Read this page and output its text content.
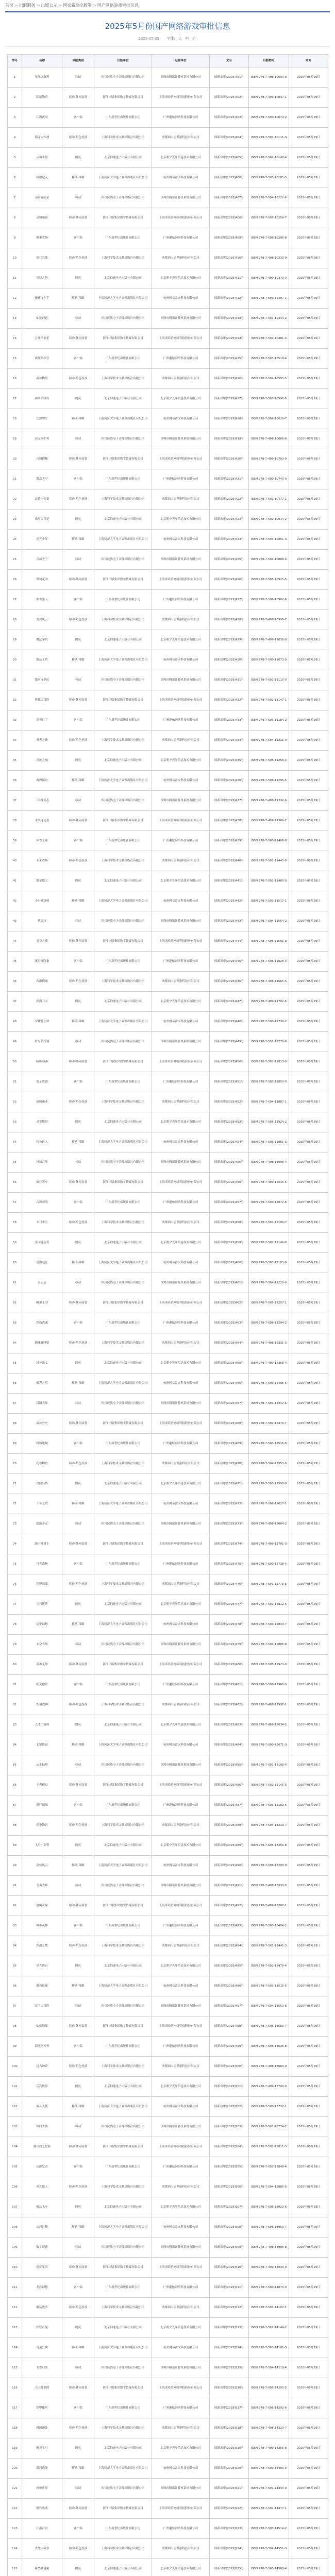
首页 > 出版服务 > 出版公示 > 国家新闻出版署 > 国产网络游戏审批信息
2025年5月份国产网络游戏审批信息
2025-05-29 字体: 大 中 小
序号	名称	申报类别	出版单位	运营单位	文号	出版物号	时间
1	星际远航者	移动	四川民族电子音像出版社有限公司	深圳市腾讯计算机系统有限公司	国新出审[2025]401号	ISBN 978-7-498-10000-0	2025年05月29日
2	幻境物语	移动-休闲益智	浙江出版集团数字传媒有限公司	上海米哈游网络科技股份有限公司	国新出审[2025]402号	ISBN 978-7-499-10037-1	2025年05月29日
3	江湖夜雨	客户端	广东新世纪出版社有限公司	广州趣炫网络科技有限公司	国新出审[2025]403号	ISBN 978-7-500-10074-2	2025年05月29日
4	萌宠大作战	移动-角色扮演	上海科学技术文献出版社有限公司	成都西山居世游科技有限公司	国新出审[2025]404号	ISBN 978-7-501-10111-3	2025年05月29日
5	云端小镇	网页	北京伯通电子出版社有限公司	北京朝夕光年信息技术有限公司	国新出审[2025]405号	ISBN 978-7-502-10148-4	2025年05月29日
6	机甲纪元	移动-策略	上海同济大学电子音像出版社有限公司	杭州网易雷火科技有限公司	国新出审[2025]406号	ISBN 978-7-503-10185-5	2025年05月29日
7	山海异闻录	移动	四川民族电子音像出版社有限公司	深圳市腾讯计算机系统有限公司	国新出审[2025]407号	ISBN 978-7-504-10222-6	2025年05月29日
8	灵境迷踪	移动-休闲益智	浙江出版集团数字传媒有限公司	上海米哈游网络科技股份有限公司	国新出审[2025]408号	ISBN 978-7-505-10259-7	2025年05月29日
9	像素农场	客户端	广东新世纪出版社有限公司	广州趣炫网络科技有限公司	国新出审[2025]409号	ISBN 978-7-506-10296-8	2025年05月29日
10	剑气长歌	移动-角色扮演	上海科学技术文献出版社有限公司	成都西山居世游科技有限公司	国新出审[2025]410号	ISBN 978-7-498-10333-9	2025年05月29日
11	星辰之约	网页	北京伯通电子出版社有限公司	北京朝夕光年信息技术有限公司	国新出审[2025]411号	ISBN 978-7-499-10370-0	2025年05月29日
12	极速飞车手	移动-策略	上海同济大学电子音像出版社有限公司	杭州网易雷火科技有限公司	国新出审[2025]412号	ISBN 978-7-500-10407-1	2025年05月29日
13	仙途问道	移动	四川民族电子音像出版社有限公司	深圳市腾讯计算机系统有限公司	国新出审[2025]413号	ISBN 978-7-501-10444-2	2025年05月29日
14	方块消消乐	移动-休闲益智	浙江出版集团数字传媒有限公司	上海米哈游网络科技股份有限公司	国新出审[2025]414号	ISBN 978-7-502-10481-3	2025年05月29日
15	战舰指挥官	客户端	广东新世纪出版社有限公司	广州趣炫网络科技有限公司	国新出审[2025]415号	ISBN 978-7-503-10518-4	2025年05月29日
16	森林物语	移动-角色扮演	上海科学技术文献出版社有限公司	成都西山居世游科技有限公司	国新出审[2025]416号	ISBN 978-7-504-10555-5	2025年05月29日
17	神州英雄传	网页	北京伯通电子出版社有限公司	北京朝夕光年信息技术有限公司	国新出审[2025]417号	ISBN 978-7-505-10592-6	2025年05月29日
18	幻想餐厅	移动-策略	上海同济大学电子音像出版社有限公司	杭州网易雷火科技有限公司	国新出审[2025]418号	ISBN 978-7-506-10629-7	2025年05月29日
19	次元守护者	移动	四川民族电子音像出版社有限公司	深圳市腾讯计算机系统有限公司	国新出审[2025]419号	ISBN 978-7-498-10666-8	2025年05月29日
20	古城探秘	移动-休闲益智	浙江出版集团数字传媒有限公司	上海米哈游网络科技股份有限公司	国新出审[2025]420号	ISBN 978-7-499-10703-9	2025年05月29日
21	海岛大亨	客户端	广东新世纪出版社有限公司	广州趣炫网络科技有限公司	国新出审[2025]421号	ISBN 978-7-500-10740-0	2025年05月29日
22	龙骑士传说	移动-角色扮演	上海科学技术文献出版社有限公司	成都西山居世游科技有限公司	国新出审[2025]422号	ISBN 978-7-501-10777-1	2025年05月29日
23	喵星人日记	网页	北京伯通电子出版社有限公司	北京朝夕光年信息技术有限公司	国新出审[2025]423号	ISBN 978-7-502-10814-2	2025年05月29日
24	逆光少年	移动-策略	上海同济大学电子音像出版社有限公司	杭州网易雷火科技有限公司	国新出审[2025]424号	ISBN 978-7-503-10851-3	2025年05月29日
25	百战天下	移动	四川民族电子音像出版社有限公司	深圳市腾讯计算机系统有限公司	国新出审[2025]425号	ISBN 978-7-504-10888-4	2025年05月29日
26	梦幻花园	移动-休闲益智	浙江出版集团数字传媒有限公司	上海米哈游网络科技股份有限公司	国新出审[2025]426号	ISBN 978-7-505-10925-5	2025年05月29日
27	都市猎人	客户端	广东新世纪出版社有限公司	广州趣炫网络科技有限公司	国新出审[2025]427号	ISBN 978-7-506-10962-6	2025年05月29日
28	九州风云	移动-角色扮演	上海科学技术文献出版社有限公司	成都西山居世游科技有限公司	国新出审[2025]428号	ISBN 978-7-498-10999-7	2025年05月29日
29	魔法学院	网页	北京伯通电子出版社有限公司	北京朝夕光年信息技术有限公司	国新出审[2025]429号	ISBN 978-7-499-11036-8	2025年05月29日
30	甜品工坊	移动-策略	上海同济大学电子音像出版社有限公司	杭州网易雷火科技有限公司	国新出审[2025]430号	ISBN 978-7-500-11073-9	2025年05月29日
31	银河守卫队	移动	四川民族电子音像出版社有限公司	深圳市腾讯计算机系统有限公司	国新出审[2025]431号	ISBN 978-7-501-11110-0	2025年05月29日
32	熊猫大冒险	移动-休闲益智	浙江出版集团数字传媒有限公司	上海米哈游网络科技股份有限公司	国新出审[2025]432号	ISBN 978-7-502-11147-1	2025年05月29日
33	剑舞红尘	客户端	广东新世纪出版社有限公司	广州趣炫网络科技有限公司	国新出审[2025]433号	ISBN 978-7-503-11184-2	2025年05月29日
34	勇者之路	移动-角色扮演	上海科学技术文献出版社有限公司	成都西山居世游科技有限公司	国新出审[2025]434号	ISBN 978-7-504-11221-3	2025年05月29日
35	奇迹之城	网页	北京伯通电子出版社有限公司	北京朝夕光年信息技术有限公司	国新出审[2025]435号	ISBN 978-7-505-11258-4	2025年05月29日
36	赛博都市	移动-策略	上海同济大学电子音像出版社有限公司	杭州网易雷火科技有限公司	国新出审[2025]436号	ISBN 978-7-506-11295-5	2025年05月29日
37	三国群英志	移动	四川民族电子音像出版社有限公司	深圳市腾讯计算机系统有限公司	国新出审[2025]437号	ISBN 978-7-498-11332-6	2025年05月29日
38	水果连连看	移动-休闲益智	浙江出版集团数字传媒有限公司	上海米哈游网络科技股份有限公司	国新出审[2025]438号	ISBN 978-7-499-11369-7	2025年05月29日
39	冰雪王座	客户端	广东新世纪出版社有限公司	广州趣炫网络科技有限公司	国新出审[2025]439号	ISBN 978-7-500-11406-8	2025年05月29日
40	未来战场	移动-角色扮演	上海科学技术文献出版社有限公司	成都西山居世游科技有限公司	国新出审[2025]440号	ISBN 978-7-501-11443-9	2025年05月29日
41	繁星旅人	网页	北京伯通电子出版社有限公司	北京朝夕光年信息技术有限公司	国新出审[2025]441号	ISBN 978-7-502-11480-0	2025年05月29日
42	小小建筑师	移动-策略	上海同济大学电子音像出版社有限公司	杭州网易雷火科技有限公司	国新出审[2025]442号	ISBN 978-7-503-11517-1	2025年05月29日
43	侠客行	移动	四川民族电子音像出版社有限公司	深圳市腾讯计算机系统有限公司	国新出审[2025]443号	ISBN 978-7-504-11554-2	2025年05月29日
44	天空之翼	移动-休闲益智	浙江出版集团数字传媒有限公司	上海米哈游网络科技股份有限公司	国新出审[2025]444号	ISBN 978-7-505-11591-3	2025年05月29日
45	迷宫探险家	客户端	广东新世纪出版社有限公司	广州趣炫网络科技有限公司	国新出审[2025]445号	ISBN 978-7-506-11628-4	2025年05月29日
46	西游降魔	移动-角色扮演	上海科学技术文献出版社有限公司	成都西山居世游科技有限公司	国新出审[2025]446号	ISBN 978-7-498-11665-5	2025年05月29日
47	深海寻宝	网页	北京伯通电子出版社有限公司	北京朝夕光年信息技术有限公司	国新出审[2025]447号	ISBN 978-7-499-11702-6	2025年05月29日
48	荣耀骑士团	移动-策略	上海同济大学电子音像出版社有限公司	杭州网易雷火科技有限公司	国新出审[2025]448号	ISBN 978-7-500-11739-7	2025年05月29日
49	时光杂货铺	移动	四川民族电子音像出版社有限公司	深圳市腾讯计算机系统有限公司	国新出审[2025]449号	ISBN 978-7-501-11776-8	2025年05月29日
50	暗影刺客	移动-休闲益智	浙江出版集团数字传媒有限公司	上海米哈游网络科技股份有限公司	国新出审[2025]450号	ISBN 978-7-502-11813-9	2025年05月29日
51	兔子快跑	客户端	广东新世纪出版社有限公司	广州趣炫网络科技有限公司	国新出审[2025]451号	ISBN 978-7-503-11850-0	2025年05月29日
52	战国霸业	移动-角色扮演	上海科学技术文献出版社有限公司	成都西山居世游科技有限公司	国新出审[2025]452号	ISBN 978-7-504-11887-1	2025年05月29日
53	灵宠物语	网页	北京伯通电子出版社有限公司	北京朝夕光年信息技术有限公司	国新出审[2025]453号	ISBN 978-7-505-11924-2	2025年05月29日
54	钓鱼达人	移动-策略	上海同济大学电子音像出版社有限公司	杭州网易雷火科技有限公司	国新出审[2025]454号	ISBN 978-7-506-11961-3	2025年05月29日
55	神域召唤	移动	四川民族电子音像出版社有限公司	深圳市腾讯计算机系统有限公司	国新出审[2025]455号	ISBN 978-7-498-11998-4	2025年05月29日
56	疯狂赛车	移动-休闲益智	浙江出版集团数字传媒有限公司	上海米哈游网络科技股份有限公司	国新出审[2025]456号	ISBN 978-7-499-12035-5	2025年05月29日
57	古风琴韵	客户端	广东新世纪出版社有限公司	广州趣炫网络科技有限公司	国新出审[2025]457号	ISBN 978-7-500-12072-6	2025年05月29日
58	末日求生	移动-角色扮演	上海科学技术文献出版社有限公司	成都西山居世游科技有限公司	国新出审[2025]458号	ISBN 978-7-501-12109-7	2025年05月29日
59	乐园建造者	网页	北京伯通电子出版社有限公司	北京朝夕光年信息技术有限公司	国新出审[2025]459号	ISBN 978-7-502-12146-8	2025年05月29日
60	星海远征	移动-策略	上海同济大学电子音像出版社有限公司	杭州网易雷火科技有限公司	国新出审[2025]460号	ISBN 978-7-503-12183-9	2025年05月29日
61	青云志	移动	四川民族电子音像出版社有限公司	深圳市腾讯计算机系统有限公司	国新出审[2025]461号	ISBN 978-7-504-12220-0	2025年05月29日
62	糖果王国	移动-休闲益智	浙江出版集团数字传媒有限公司	上海米哈游网络科技股份有限公司	国新出审[2025]462号	ISBN 978-7-505-12257-1	2025年05月29日
63	铁血战魂	客户端	广东新世纪出版社有限公司	广州趣炫网络科技有限公司	国新出审[2025]463号	ISBN 978-7-506-12294-2	2025年05月29日
64	猫咪咖啡馆	移动-角色扮演	上海科学技术文献出版社有限公司	成都西山居世游科技有限公司	国新出审[2025]464号	ISBN 978-7-498-12331-3	2025年05月29日
65	封神演义	网页	北京伯通电子出版社有限公司	北京朝夕光年信息技术有限公司	国新出审[2025]465号	ISBN 978-7-499-12368-4	2025年05月29日
66	极光之境	移动-策略	上海同济大学电子音像出版社有限公司	杭州网易雷火科技有限公司	国新出审[2025]466号	ISBN 978-7-500-12405-5	2025年05月29日
67	拼图大师	移动	四川民族电子音像出版社有限公司	深圳市腾讯计算机系统有限公司	国新出审[2025]467号	ISBN 978-7-501-12442-6	2025年05月29日
68	武林外史	移动-休闲益智	浙江出版集团数字传媒有限公司	上海米哈游网络科技股份有限公司	国新出审[2025]468号	ISBN 978-7-502-12479-7	2025年05月29日
69	机械迷城	客户端	广东新世纪出版社有限公司	广州趣炫网络科技有限公司	国新出审[2025]469号	ISBN 978-7-503-12516-8	2025年05月29日
70	花语物语	移动-角色扮演	上海科学技术文献出版社有限公司	成都西山居世游科技有限公司	国新出审[2025]470号	ISBN 978-7-504-12553-9	2025年05月29日
71	冒险岛屿	网页	北京伯通电子出版社有限公司	北京朝夕光年信息技术有限公司	国新出审[2025]471号	ISBN 978-7-505-12590-0	2025年05月29日
72	千年之约	移动-策略	上海同济大学电子音像出版社有限公司	杭州网易雷火科技有限公司	国新出审[2025]472号	ISBN 978-7-506-12627-1	2025年05月29日
73	超能少女	移动	四川民族电子音像出版社有限公司	深圳市腾讯计算机系统有限公司	国新出审[2025]473号	ISBN 978-7-498-12664-2	2025年05月29日
74	地下城勇士	移动-休闲益智	浙江出版集团数字传媒有限公司	上海米哈游网络科技股份有限公司	国新出审[2025]474号	ISBN 978-7-499-12701-3	2025年05月29日
75	月光森林	客户端	广东新世纪出版社有限公司	广州趣炫网络科技有限公司	国新出审[2025]475号	ISBN 978-7-500-12738-4	2025年05月29日
76	狂野西部	移动-角色扮演	上海科学技术文献出版社有限公司	成都西山居世游科技有限公司	国新出审[2025]476号	ISBN 978-7-501-12775-5	2025年05月29日
77	宝石迷阵	网页	北京伯通电子出版社有限公司	北京朝夕光年信息技术有限公司	国新出审[2025]477号	ISBN 978-7-502-12812-6	2025年05月29日
78	长安幻想	移动-策略	上海同济大学电子音像出版社有限公司	杭州网易雷火科技有限公司	国新出审[2025]478号	ISBN 978-7-503-12849-7	2025年05月29日
79	太空农场	移动	四川民族电子音像出版社有限公司	深圳市腾讯计算机系统有限公司	国新出审[2025]479号	ISBN 978-7-504-12886-8	2025年05月29日
80	英雄无敌	移动-休闲益智	浙江出版集团数字传媒有限公司	上海米哈游网络科技股份有限公司	国新出审[2025]480号	ISBN 978-7-505-12923-9	2025年05月29日
81	幽灵旅馆	客户端	广东新世纪出版社有限公司	广州趣炫网络科技有限公司	国新出审[2025]481号	ISBN 978-7-506-12960-0	2025年05月29日
82	烈焰战神	移动-角色扮演	上海科学技术文献出版社有限公司	成都西山居世游科技有限公司	国新出审[2025]482号	ISBN 978-7-498-12997-1	2025年05月29日
83	天才小厨师	网页	北京伯通电子出版社有限公司	北京朝夕光年信息技术有限公司	国新出审[2025]483号	ISBN 978-7-499-13034-2	2025年05月29日
84	北境传说	移动-策略	上海同济大学电子音像出版社有限公司	杭州网易雷火科技有限公司	国新出审[2025]484号	ISBN 978-7-500-13071-3	2025年05月29日
85	云上仙境	移动	四川民族电子音像出版社有限公司	深圳市腾讯计算机系统有限公司	国新出审[2025]485号	ISBN 978-7-501-13108-4	2025年05月29日
86	王者棋局	移动-休闲益智	浙江出版集团数字传媒有限公司	上海米哈游网络科技股份有限公司	国新出审[2025]486号	ISBN 978-7-502-13145-5	2025年05月29日
87	僵尸围城	客户端	广东新世纪出版社有限公司	广州趣炫网络科技有限公司	国新出审[2025]487号	ISBN 978-7-503-13182-6	2025年05月29日
88	四季物语	移动-角色扮演	上海科学技术文献出版社有限公司	成都西山居世游科技有限公司	国新出审[2025]488号	ISBN 978-7-504-13219-7	2025年05月29日
89	飞天小女警	网页	北京伯通电子出版社有限公司	北京朝夕光年信息技术有限公司	国新出审[2025]489号	ISBN 978-7-505-13256-8	2025年05月29日
90	剑侠风云	移动-策略	上海同济大学电子音像出版社有限公司	杭州网易雷火科技有限公司	国新出审[2025]490号	ISBN 978-7-506-13293-9	2025年05月29日
91	节奏大师	移动	四川民族电子音像出版社有限公司	深圳市腾讯计算机系统有限公司	国新出审[2025]491号	ISBN 978-7-498-13330-0	2025年05月29日
92	秘境奇缘	移动-休闲益智	浙江出版集团数字传媒有限公司	上海米哈游网络科技股份有限公司	国新出审[2025]492号	ISBN 978-7-499-13367-1	2025年05月29日
93	城市英雄	客户端	广东新世纪出版社有限公司	广州趣炫网络科技有限公司	国新出审[2025]493号	ISBN 978-7-500-13404-2	2025年05月29日
94	沙漠之鹰	移动-角色扮演	上海科学技术文献出版社有限公司	成都西山居世游科技有限公司	国新出审[2025]494号	ISBN 978-7-501-13441-3	2025年05月29日
95	星光舞台	网页	北京伯通电子出版社有限公司	北京朝夕光年信息技术有限公司	国新出审[2025]495号	ISBN 978-7-502-13478-4	2025年05月29日
96	魔兽征途	移动-策略	上海同济大学电子音像出版社有限公司	杭州网易雷火科技有限公司	国新出审[2025]496号	ISBN 978-7-503-13515-5	2025年05月29日
97	汉字大冒险	移动	四川民族电子音像出版社有限公司	深圳市腾讯计算机系统有限公司	国新出审[2025]497号	ISBN 978-7-504-13552-6	2025年05月29日
98	仙侠情缘	移动-休闲益智	浙江出版集团数字传媒有限公司	上海米哈游网络科技股份有限公司	国新出审[2025]498号	ISBN 978-7-505-13589-7	2025年05月29日
99	海底两万里	客户端	广东新世纪出版社有限公司	广州趣炫网络科技有限公司	国新出审[2025]499号	ISBN 978-7-506-13626-8	2025年05月29日
100	远古神话	移动-角色扮演	上海科学技术文献出版社有限公司	成都西山居世游科技有限公司	国新出审[2025]500号	ISBN 978-7-498-13663-9	2025年05月29日
101	乐高世界	网页	北京伯通电子出版社有限公司	北京朝夕光年信息技术有限公司	国新出审[2025]501号	ISBN 978-7-499-13700-0	2025年05月29日
102	战斗天使	移动-策略	上海同济大学电子音像出版社有限公司	杭州网易雷火科技有限公司	国新出审[2025]502号	ISBN 978-7-500-13737-1	2025年05月29日
103	梦回大唐	移动	四川民族电子音像出版社有限公司	深圳市腾讯计算机系统有限公司	国新出审[2025]503号	ISBN 978-7-501-13774-2	2025年05月29日
104	熊出没之冒险	移动-休闲益智	浙江出版集团数字传媒有限公司	上海米哈游网络科技股份有限公司	国新出审[2025]504号	ISBN 978-7-502-13811-3	2025年05月29日
105	幻影忍者	客户端	广东新世纪出版社有限公司	广州趣炫网络科技有限公司	国新出审[2025]505号	ISBN 978-7-503-13848-4	2025年05月29日
106	风之旅人	移动-角色扮演	上海科学技术文献出版社有限公司	成都西山居世游科技有限公司	国新出审[2025]506号	ISBN 978-7-504-13885-5	2025年05月29日
107	极品飞车	网页	北京伯通电子出版社有限公司	北京朝夕光年信息技术有限公司	国新出审[2025]507号	ISBN 978-7-505-13922-6	2025年05月29日
108	山河社稷	移动-策略	上海同济大学电子音像出版社有限公司	杭州网易雷火科技有限公司	国新出审[2025]508号	ISBN 978-7-506-13959-7	2025年05月29日
109	数字谜题	移动	四川民族电子音像出版社有限公司	深圳市腾讯计算机系统有限公司	国新出审[2025]509号	ISBN 978-7-498-13996-8	2025年05月29日
110	逐梦星河	移动-休闲益智	浙江出版集团数字传媒有限公司	上海米哈游网络科技股份有限公司	国新出审[2025]510号	ISBN 978-7-499-14033-9	2025年05月29日
111	龙族幻想	客户端	广东新世纪出版社有限公司	广州趣炫网络科技有限公司	国新出审[2025]511号	ISBN 978-7-500-14070-0	2025年05月29日
112	蘑菇战争	移动-角色扮演	上海科学技术文献出版社有限公司	成都西山居世游科技有限公司	国新出审[2025]512号	ISBN 978-7-501-14107-1	2025年05月29日
113	妖怪百鬼	网页	北京伯通电子出版社有限公司	北京朝夕光年信息技术有限公司	国新出审[2025]513号	ISBN 978-7-502-14144-2	2025年05月29日
114	竞速狂飙	移动-策略	上海同济大学电子音像出版社有限公司	杭州网易雷火科技有限公司	国新出审[2025]514号	ISBN 978-7-503-14181-3	2025年05月29日
115	书香门第	移动	四川民族电子音像出版社有限公司	深圳市腾讯计算机系统有限公司	国新出审[2025]515号	ISBN 978-7-504-14218-4	2025年05月29日
116	天天爱消除	移动-休闲益智	浙江出版集团数字传媒有限公司	上海米哈游网络科技股份有限公司	国新出审[2025]516号	ISBN 978-7-505-14255-5	2025年05月29日
117	铁甲雄兵	客户端	广东新世纪出版社有限公司	广州趣炫网络科技有限公司	国新出审[2025]517号	ISBN 978-7-506-14292-6	2025年05月29日
118	桃源深处	移动-角色扮演	上海科学技术文献出版社有限公司	成都西山居世游科技有限公司	国新出审[2025]518号	ISBN 978-7-498-14329-7	2025年05月29日
119	精灵宝可	网页	北京伯通电子出版社有限公司	北京朝夕光年信息技术有限公司	国新出审[2025]519号	ISBN 978-7-499-14366-8	2025年05月29日
120	银河战舰	移动-策略	上海同济大学电子音像出版社有限公司	杭州网易雷火科技有限公司	国新出审[2025]520号	ISBN 978-7-500-14403-9	2025年05月29日
121	画中世界	移动	四川民族电子音像出版社有限公司	深圳市腾讯计算机系统有限公司	国新出审[2025]521号	ISBN 978-7-501-14440-0	2025年05月29日
122	钢铁洪流	移动-休闲益智	浙江出版集团数字传媒有限公司	上海米哈游网络科技股份有限公司	国新出审[2025]522号	ISBN 978-7-502-14477-1	2025年05月29日
123	江南百景	客户端	广东新世纪出版社有限公司	广州趣炫网络科技有限公司	国新出审[2025]523号	ISBN 978-7-503-14514-2	2025年05月29日
124	火柴人战争	移动-角色扮演	上海科学技术文献出版社有限公司	成都西山居世游科技有限公司	国新出审[2025]524号	ISBN 978-7-504-14551-3	2025年05月29日
125	紫禁城谜案	网页	北京伯通电子出版社有限公司	北京朝夕光年信息技术有限公司	国新出审[2025]525号	ISBN 978-7-505-14588-4	2025年05月29日
